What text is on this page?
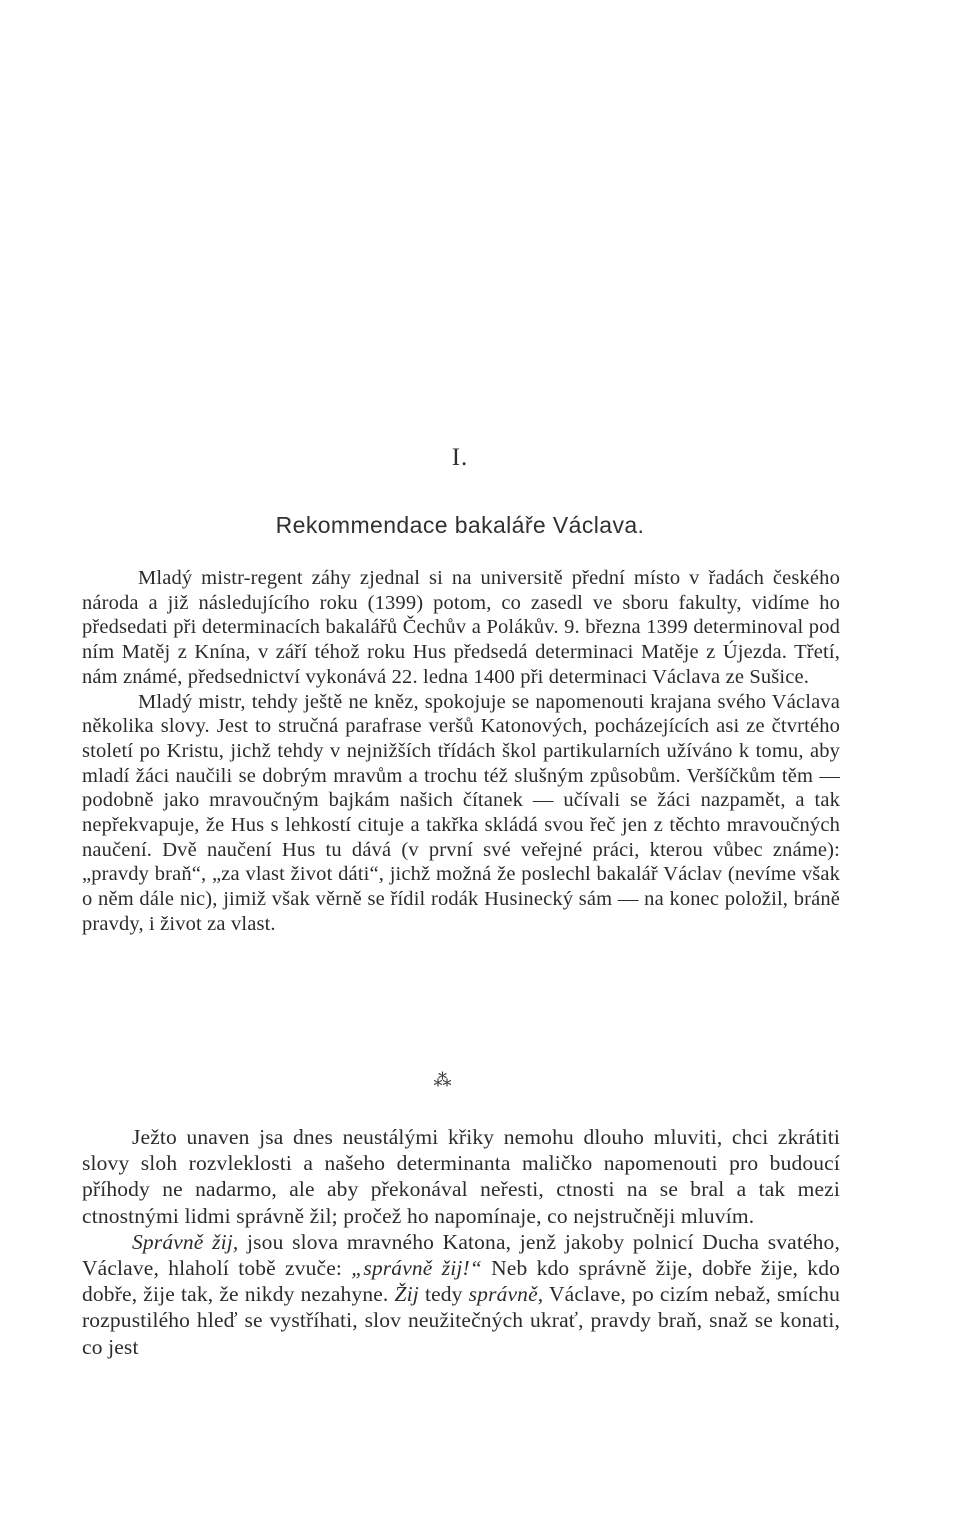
I.
Rekommendace bakaláře Václava.

Mladý mistr-regent záhy zjednal si na universitě přední místo v řadách českého národa a již následujícího roku (1399) potom, co zasedl ve sboru fakulty, vidíme ho předsedati při determinacích bakalářů Čechův a Polákův. 9. března 1399 determinoval pod ním Matěj z Knína, v září téhož roku Hus předsedá determinaci Matěje z Újezda. Třetí, nám známé, předsednictví vykonává 22. ledna 1400 při determinaci Václava ze Sušice.

Mladý mistr, tehdy ještě ne kněz, spokojuje se napomenouti krajana svého Václava několika slovy. Jest to stručná parafrase veršů Katonových, pocházejících asi ze čtvrtého století po Kristu, jichž tehdy v nejnižších třídách škol partikularních užíváno k tomu, aby mladí žáci naučili se dobrým mravům a trochu též slušným způsobům. Veršíčkům těm — podobně jako mravoučným bajkám našich čítanek — učívali se žáci nazpamět, a tak nepřekvapuje, že Hus s lehkostí cituje a takřka skládá svou řeč jen z těchto mravoučných naučení. Dvě naučení Hus tu dává (v první své veřejné práci, kterou vůbec známe): „pravdy braň“, „za vlast život dáti“, jichž možná že poslechl bakalář Václav (nevíme však o něm dále nic), jimiž však věrně se řídil rodák Husinecký sám — na konec položil, bráně pravdy, i život za vlast.

⁂

Ježto unaven jsa dnes neustálými křiky nemohu dlouho mluviti, chci zkrátiti slovy sloh rozvleklosti a našeho determinanta maličko napomenouti pro budoucí příhody ne nadarmo, ale aby překonával neřesti, ctnosti na se bral a tak mezi ctnostnými lidmi správně žil; pročež ho napomínaje, co nejstručněji mluvím.

Správně žij, jsou slova mravného Katona, jenž jakoby polnicí Ducha svatého, Václave, hlaholí tobě zvuče: „správně žij!“ Neb kdo správně žije, dobře žije, kdo dobře, žije tak, že nikdy nezahyne. Žij tedy správně, Václave, po cizím nebaž, smíchu rozpustilého hleď se vystříhati, slov neužitečných ukrať, pravdy braň, snaž se konati, co jest
